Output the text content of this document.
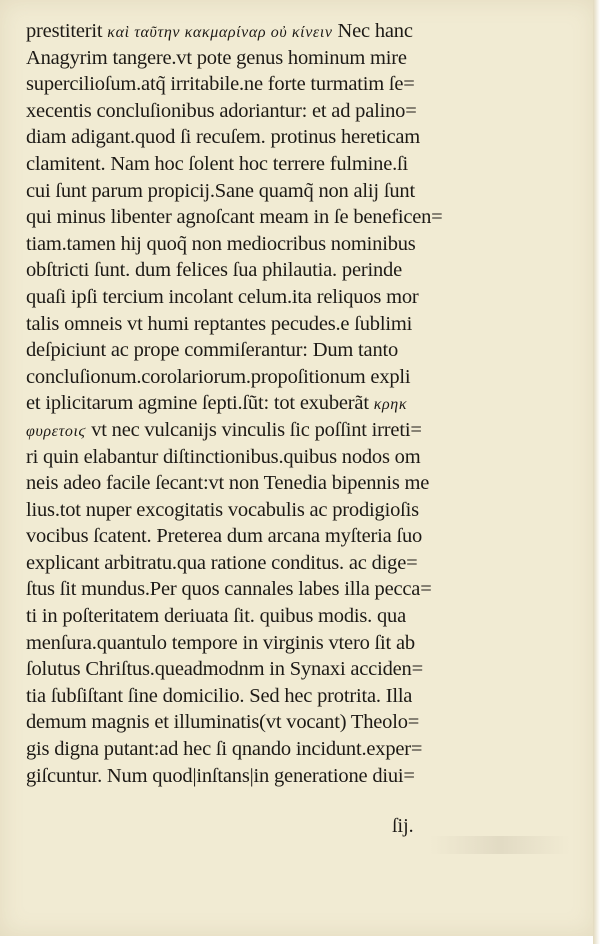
prestiterit καὶ ταῦτην κακμαρίναρ οὐ κίνειν Nec hanc
Anagyrim tangere.vt pote genus hominum mire
supercilioſum.atq̃ irritabile.ne forte turmatim ſe=
xecentis concluſionibus adoriantur: et ad palino=
diam adigant.quod ſi recuſem. protinus hereticam
clamitent. Nam hoc ſolent hoc terrere fulmine.ſi
cui ſunt parum propicij.Sane quamq̃ non alij ſunt
qui minus libenter agnoſcant meam in ſe beneficen=
tiam.tamen hij quoq̃ non mediocribus nominibus
obſtricti ſunt. dum felices ſua philautia. perinde
quaſi ipſi tercium incolant celum.ita reliquos mor
talis omneis vt humi reptantes pecudes.e ſublimi
deſpiciunt ac prope commiſerantur: Dum tanto
concluſionum.corolariorum.propoſitionum expli
et iplicitarum agmine ſepti.ſũt: tot exuberãt κρηκ
φυρετοιϛ vt nec vulcanijs vinculis ſic poſſint irreti=
ri quin elabantur diſtinctionibus.quibus nodos om
neis adeo facile ſecant:vt non Tenedia bipennis me
lius.tot nuper excogitatis vocabulis ac prodigioſis
vocibus ſcatent. Preterea dum arcana myſteria ſuo
explicant arbitratu.qua ratione conditus. ac dige=
ſtus ſit mundus.Per quos cannales labes illa pecca=
ti in poſteritatem deriuata ſit. quibus modis. qua
menſura.quantulo tempore in virginis vtero ſit ab
ſolutus Chriſtus.queadmodnm in Synaxi acciden=
tia ſubſiſtant ſine domicilio. Sed hec protrita. Illa
demum magnis et illuminatis(vt vocant) Theolo=
gis digna putant:ad hec ſi qnando incidunt.exper=
giſcuntur. Num quod|inſtans|in generatione diui=
ſij.
